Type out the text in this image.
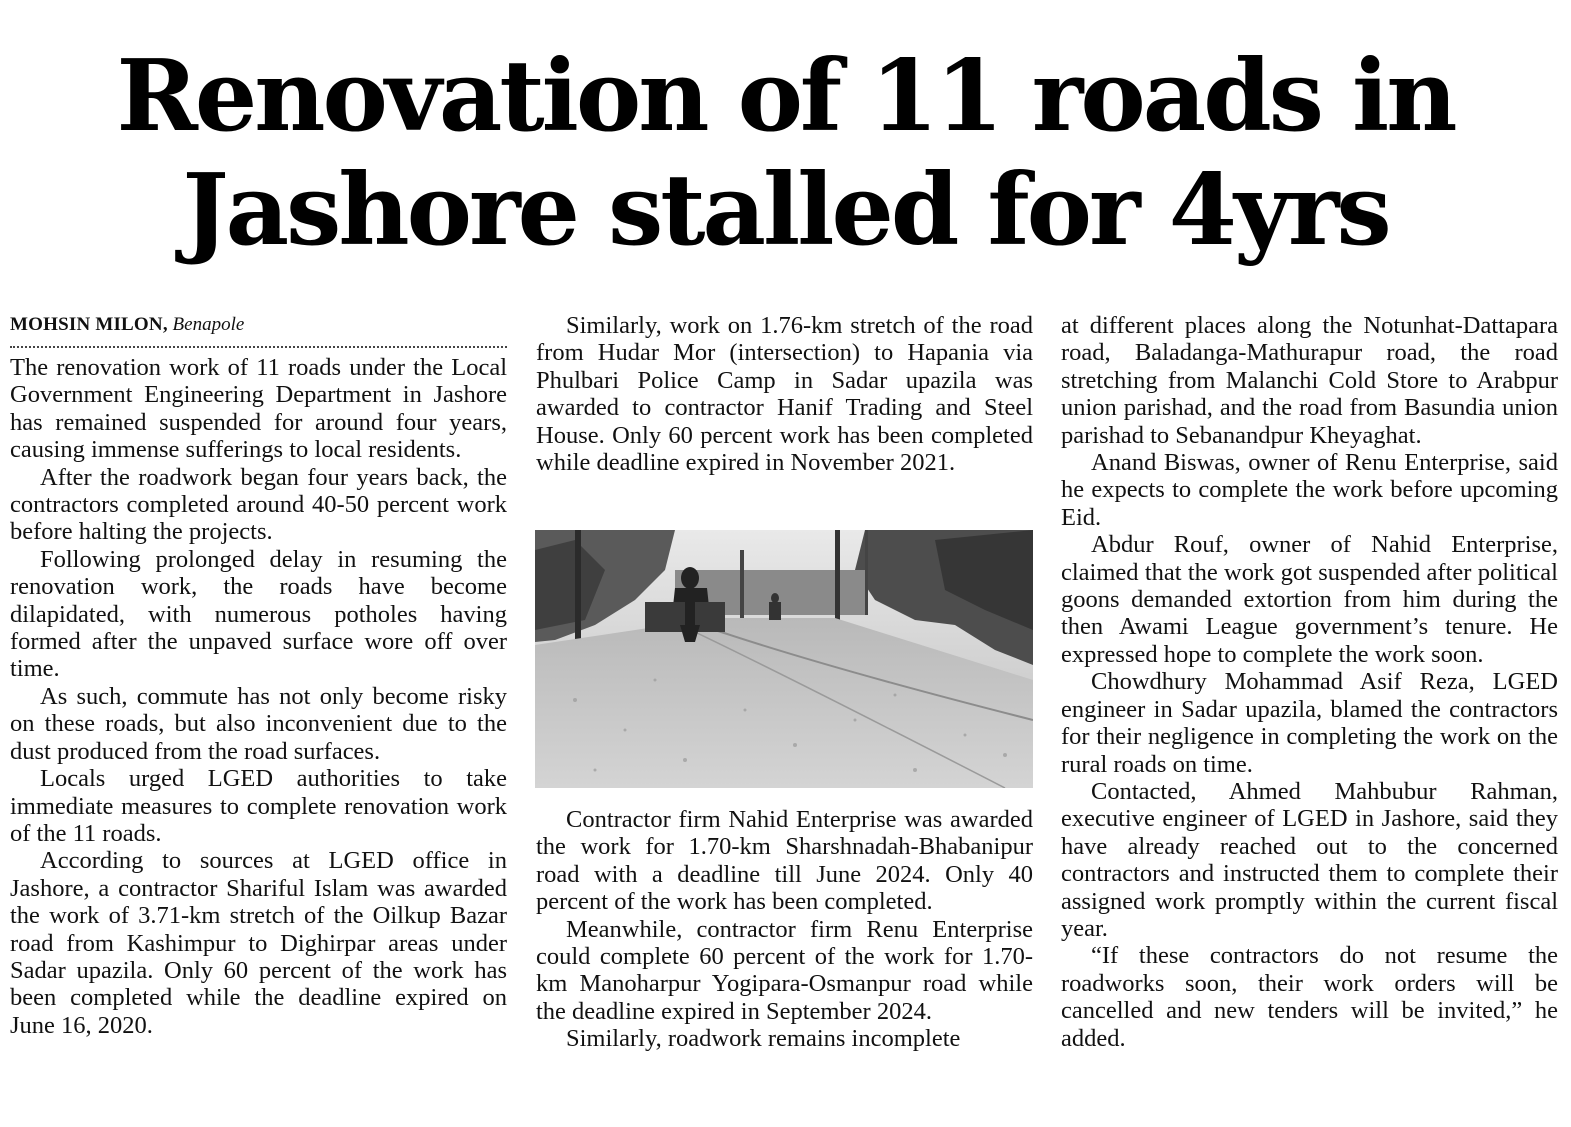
Renovation of 11 roads in
Jashore stalled for 4yrs
MOHSIN MILON, Benapole

The renovation work of 11 roads under the Local Government Engineering Department in Jashore has remained suspended for around four years, causing immense sufferings to local residents.

After the roadwork began four years back, the contractors completed around 40-50 percent work before halting the projects.

Following prolonged delay in resuming the renovation work, the roads have become dilapidated, with numerous potholes having formed after the unpaved surface wore off over time.

As such, commute has not only become risky on these roads, but also inconvenient due to the dust produced from the road surfaces.

Locals urged LGED authorities to take immediate measures to complete renovation work of the 11 roads.

According to sources at LGED office in Jashore, a contractor Shariful Islam was awarded the work of 3.71-km stretch of the Oilkup Bazar road from Kashimpur to Dighirpar areas under Sadar upazila. Only 60 percent of the work has been completed while the deadline expired on June 16, 2020.

Similarly, work on 1.76-km stretch of the road from Hudar Mor (intersection) to Hapania via Phulbari Police Camp in Sadar upazila was awarded to contractor Hanif Trading and Steel House. Only 60 percent work has been completed while deadline expired in November 2021.

Contractor firm Nahid Enterprise was awarded the work for 1.70-km Sharshnadah-Bhabanipur road with a deadline till June 2024. Only 40 percent of the work has been completed.

Meanwhile, contractor firm Renu Enterprise could complete 60 percent of the work for 1.70-km Manoharpur Yogipara-Osmanpur road while the deadline expired in September 2024.

Similarly, roadwork remains incomplete

at different places along the Notunhat-Dattapara road, Baladanga-Mathurapur road, the road stretching from Malanchi Cold Store to Arabpur union parishad, and the road from Basundia union parishad to Sebanandpur Kheyaghat.

Anand Biswas, owner of Renu Enterprise, said he expects to complete the work before upcoming Eid.

Abdur Rouf, owner of Nahid Enterprise, claimed that the work got suspended after political goons demanded extortion from him during the then Awami League government’s tenure. He expressed hope to complete the work soon.

Chowdhury Mohammad Asif Reza, LGED engineer in Sadar upazila, blamed the contractors for their negligence in completing the work on the rural roads on time.

Contacted, Ahmed Mahbubur Rahman, executive engineer of LGED in Jashore, said they have already reached out to the concerned contractors and instructed them to complete their assigned work promptly within the current fiscal year.

“If these contractors do not resume the roadworks soon, their work orders will be cancelled and new tenders will be invited,” he added.
